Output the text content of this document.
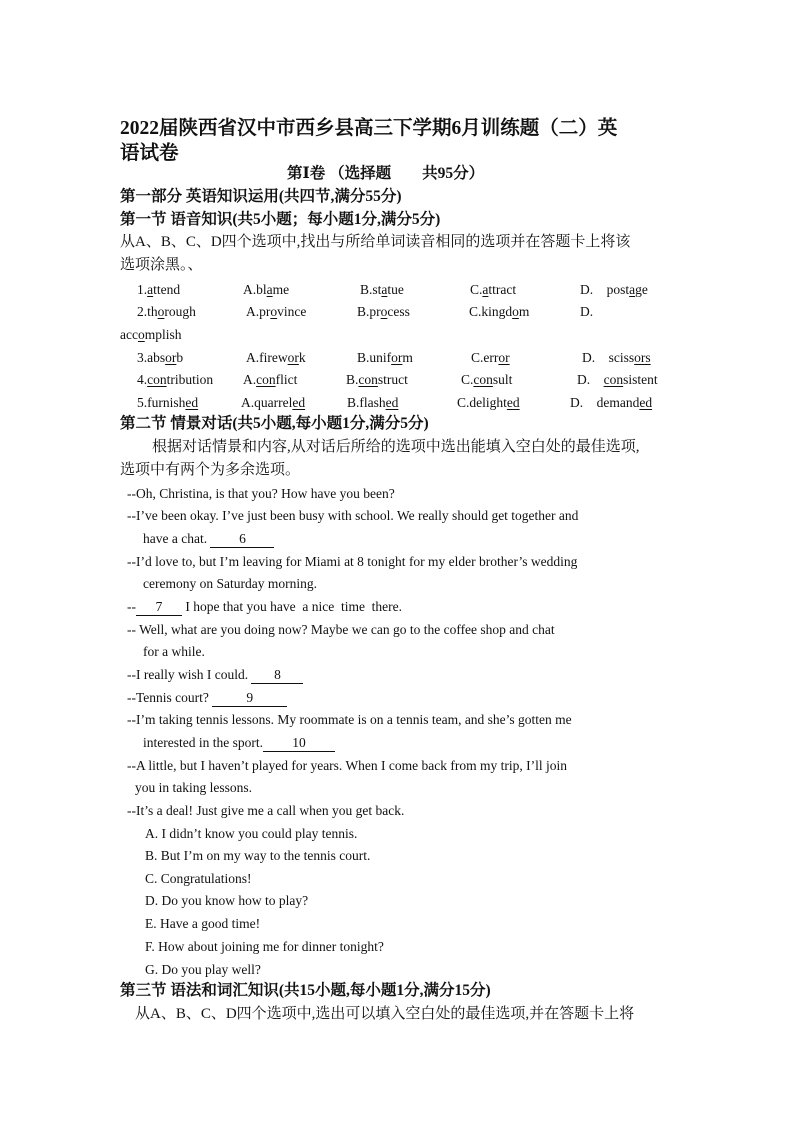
2022届陕西省汉中市西乡县高三下学期6月训练题（二）英
语试卷
第Ⅰ卷 （选择题　　共95分）
第一部分 英语知识运用(共四节,满分55分)
第一节 语音知识(共5小题；每小题1分,满分5分)
从A、B、C、D四个选项中,找出与所给单词读音相同的选项并在答题卡上将该
选项涂黑。、
1.attend	A.blame	B.statue	C.attract	D.    postage
2.thorough	A.province	B.process	C.kingdom	D.
accomplish
3.absorb	A.firework	B.uniform	C.error	D.    scissors
4.contribution A.conflict	B.construct	C.consult	D.    consistent
5.furnished	A.quarreled	B.flashed	C.delighted	D.    demanded
第二节 情景对话(共5小题,每小题1分,满分5分)
根据对话情景和内容,从对话后所给的选项中选出能填入空白处的最佳选项,
选项中有两个为多余选项。
--Oh, Christina, is that you? How have you been?
--I’ve been okay. I’ve just been busy with school. We really should get together and
have a chat. 6
--I’d love to, but I’m leaving for Miami at 8 tonight for my elder brother’s wedding
ceremony on Saturday morning.
-- 7 I hope that you have  a nice  time  there.
-- Well, what are you doing now? Maybe we can go to the coffee shop and chat
for a while.
--I really wish I could. 8
--Tennis court?	9
--I’m taking tennis lessons. My roommate is on a tennis team, and she’s gotten me
interested in the sport. 10
--A little, but I haven’t played for years. When I come back from my trip, I’ll join
you in taking lessons.
--It’s a deal! Just give me a call when you get back.
A. I didn’t know you could play tennis.
B. But I’m on my way to the tennis court.
C. Congratulations!
D. Do you know how to play?
E. Have a good time!
F. How about joining me for dinner tonight?
G. Do you play well?
第三节 语法和词汇知识(共15小题,每小题1分,满分15分)
从A、B、C、D四个选项中,选出可以填入空白处的最佳选项,并在答题卡上将
